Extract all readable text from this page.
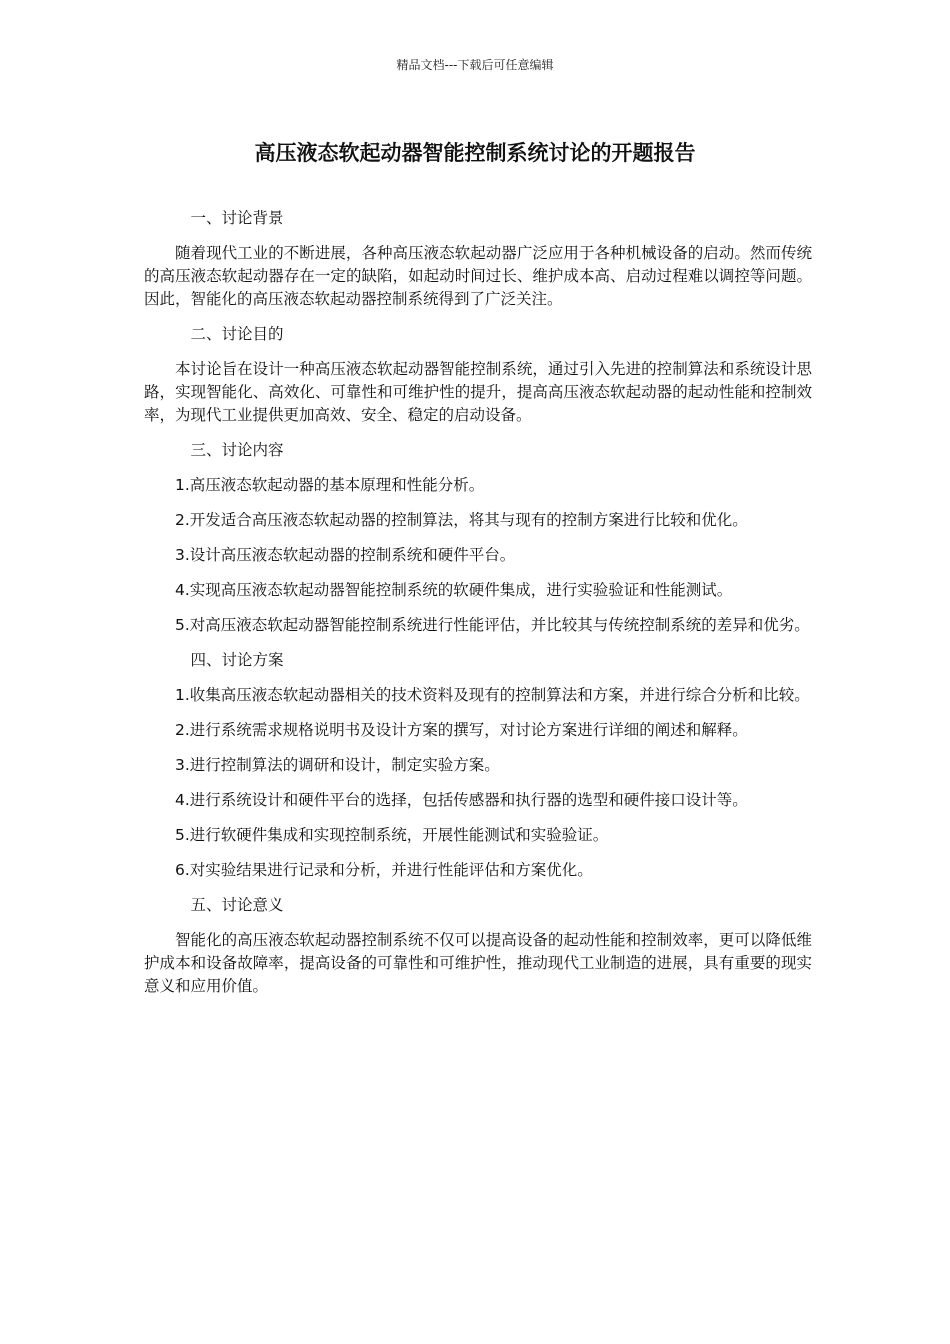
精品文档---下载后可任意编辑
高压液态软起动器智能控制系统讨论的开题报告

一、讨论背景

随着现代工业的不断进展，各种高压液态软起动器广泛应用于各种机械设备的启动。然而传统的高压液态软起动器存在一定的缺陷，如起动时间过长、维护成本高、启动过程难以调控等问题。因此，智能化的高压液态软起动器控制系统得到了广泛关注。

二、讨论目的

本讨论旨在设计一种高压液态软起动器智能控制系统，通过引入先进的控制算法和系统设计思路，实现智能化、高效化、可靠性和可维护性的提升，提高高压液态软起动器的起动性能和控制效率，为现代工业提供更加高效、安全、稳定的启动设备。

三、讨论内容

1.高压液态软起动器的基本原理和性能分析。

2.开发适合高压液态软起动器的控制算法，将其与现有的控制方案进行比较和优化。

3.设计高压液态软起动器的控制系统和硬件平台。

4.实现高压液态软起动器智能控制系统的软硬件集成，进行实验验证和性能测试。

5.对高压液态软起动器智能控制系统进行性能评估，并比较其与传统控制系统的差异和优劣。

四、讨论方案

1.收集高压液态软起动器相关的技术资料及现有的控制算法和方案，并进行综合分析和比较。

2.进行系统需求规格说明书及设计方案的撰写，对讨论方案进行详细的阐述和解释。

3.进行控制算法的调研和设计，制定实验方案。

4.进行系统设计和硬件平台的选择，包括传感器和执行器的选型和硬件接口设计等。

5.进行软硬件集成和实现控制系统，开展性能测试和实验验证。

6.对实验结果进行记录和分析，并进行性能评估和方案优化。

五、讨论意义

智能化的高压液态软起动器控制系统不仅可以提高设备的起动性能和控制效率，更可以降低维护成本和设备故障率，提高设备的可靠性和可维护性，推动现代工业制造的进展，具有重要的现实意义和应用价值。
